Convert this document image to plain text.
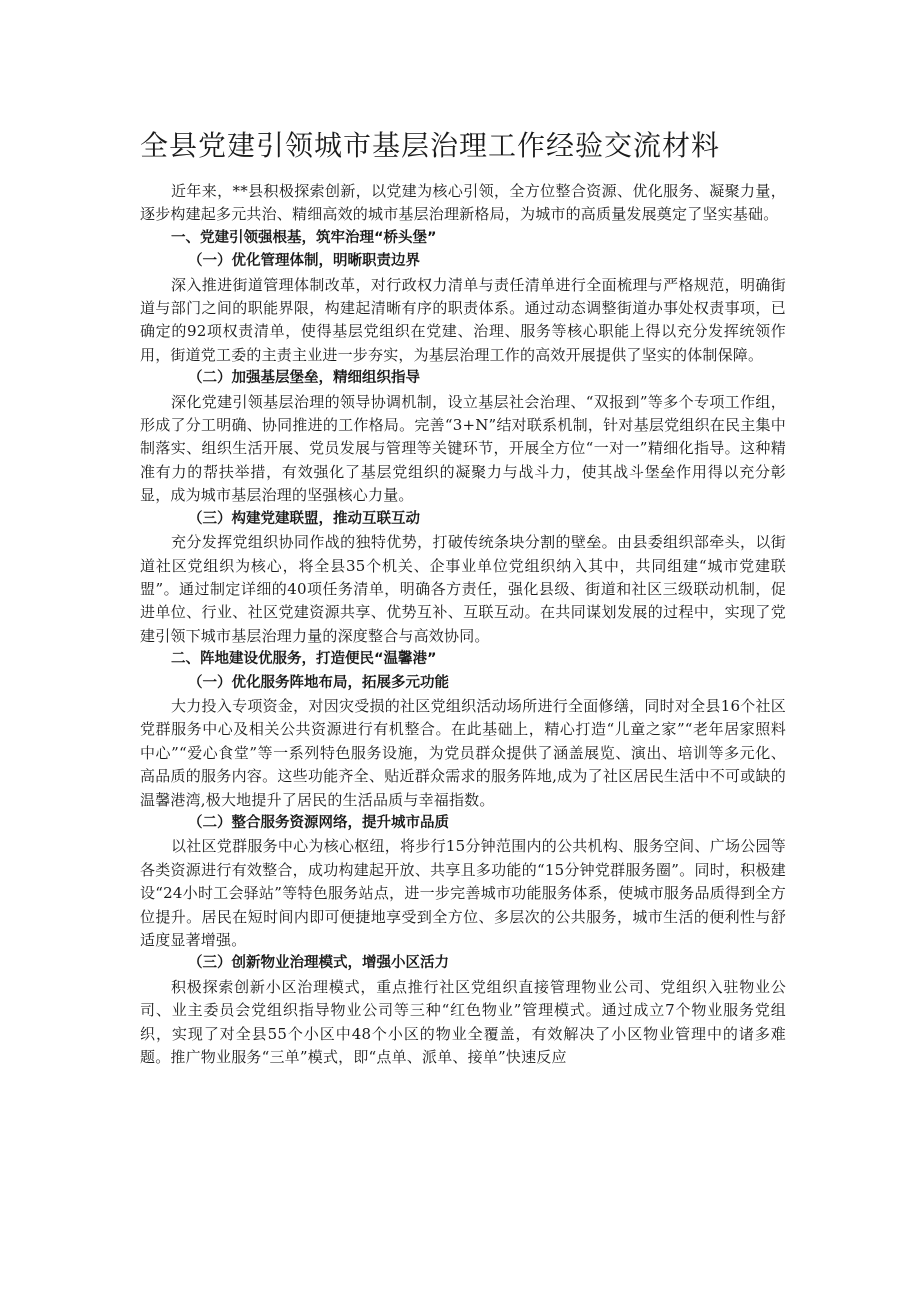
全县党建引领城市基层治理工作经验交流材料

近年来，**县积极探索创新，以党建为核心引领，全方位整合资源、优化服务、凝聚力量，逐步构建起多元共治、精细高效的城市基层治理新格局，为城市的高质量发展奠定了坚实基础。

一、党建引领强根基，筑牢治理“桥头堡”
（一）优化管理体制，明晰职责边界

深入推进街道管理体制改革，对行政权力清单与责任清单进行全面梳理与严格规范，明确街道与部门之间的职能界限，构建起清晰有序的职责体系。通过动态调整街道办事处权责事项，已确定的92项权责清单，使得基层党组织在党建、治理、服务等核心职能上得以充分发挥统领作用，街道党工委的主责主业进一步夯实，为基层治理工作的高效开展提供了坚实的体制保障。

（二）加强基层堡垒，精细组织指导

深化党建引领基层治理的领导协调机制，设立基层社会治理、“双报到”等多个专项工作组，形成了分工明确、协同推进的工作格局。完善“3+N”结对联系机制，针对基层党组织在民主集中制落实、组织生活开展、党员发展与管理等关键环节，开展全方位“一对一”精细化指导。这种精准有力的帮扶举措，有效强化了基层党组织的凝聚力与战斗力，使其战斗堡垒作用得以充分彰显，成为城市基层治理的坚强核心力量。

（三）构建党建联盟，推动互联互动

充分发挥党组织协同作战的独特优势，打破传统条块分割的壁垒。由县委组织部牵头，以街道社区党组织为核心，将全县35个机关、企事业单位党组织纳入其中，共同组建“城市党建联盟”。通过制定详细的40项任务清单，明确各方责任，强化县级、街道和社区三级联动机制，促进单位、行业、社区党建资源共享、优势互补、互联互动。在共同谋划发展的过程中，实现了党建引领下城市基层治理力量的深度整合与高效协同。

二、阵地建设优服务，打造便民“温馨港”
（一）优化服务阵地布局，拓展多元功能

大力投入专项资金，对因灾受损的社区党组织活动场所进行全面修缮，同时对全县16个社区党群服务中心及相关公共资源进行有机整合。在此基础上，精心打造“儿童之家”“老年居家照料中心”“爱心食堂”等一系列特色服务设施，为党员群众提供了涵盖展览、演出、培训等多元化、高品质的服务内容。这些功能齐全、贴近群众需求的服务阵地,成为了社区居民生活中不可或缺的温馨港湾,极大地提升了居民的生活品质与幸福指数。

（二）整合服务资源网络，提升城市品质

以社区党群服务中心为核心枢纽，将步行15分钟范围内的公共机构、服务空间、广场公园等各类资源进行有效整合，成功构建起开放、共享且多功能的“15分钟党群服务圈”。同时，积极建设“24小时工会驿站”等特色服务站点，进一步完善城市功能服务体系，使城市服务品质得到全方位提升。居民在短时间内即可便捷地享受到全方位、多层次的公共服务，城市生活的便利性与舒适度显著增强。

（三）创新物业治理模式，增强小区活力

积极探索创新小区治理模式，重点推行社区党组织直接管理物业公司、党组织入驻物业公司、业主委员会党组织指导物业公司等三种“红色物业”管理模式。通过成立7个物业服务党组织，实现了对全县55个小区中48个小区的物业全覆盖，有效解决了小区物业管理中的诸多难题。推广物业服务“三单”模式，即“点单、派单、接单”快速反应
